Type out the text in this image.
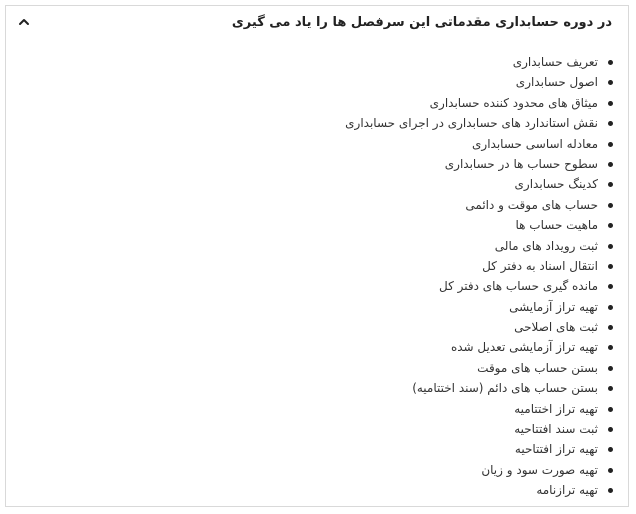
در دوره حسابداری مقدماتی این سرفصل ها را یاد می گیری
تعریف حسابداری
اصول حسابداری
میثاق های محدود کننده حسابداری
نقش استاندارد های حسابداری در اجرای حسابداری
معادله اساسی حسابداری
سطوح حساب ها در حسابداری
کدینگ حسابداری
حساب های موقت و دائمی
ماهیت حساب ها
ثبت رویداد های مالی
انتقال اسناد به دفتر کل
مانده گیری حساب های دفتر کل
تهیه تراز آزمایشی
ثبت های اصلاحی
تهیه تراز آزمایشی تعدیل شده
بستن حساب های موقت
بستن حساب های دائم (سند اختتامیه)
تهیه تراز اختتامیه
ثبت سند افتتاحیه
تهیه تراز افتتاحیه
تهیه صورت سود و زیان
تهیه ترازنامه
